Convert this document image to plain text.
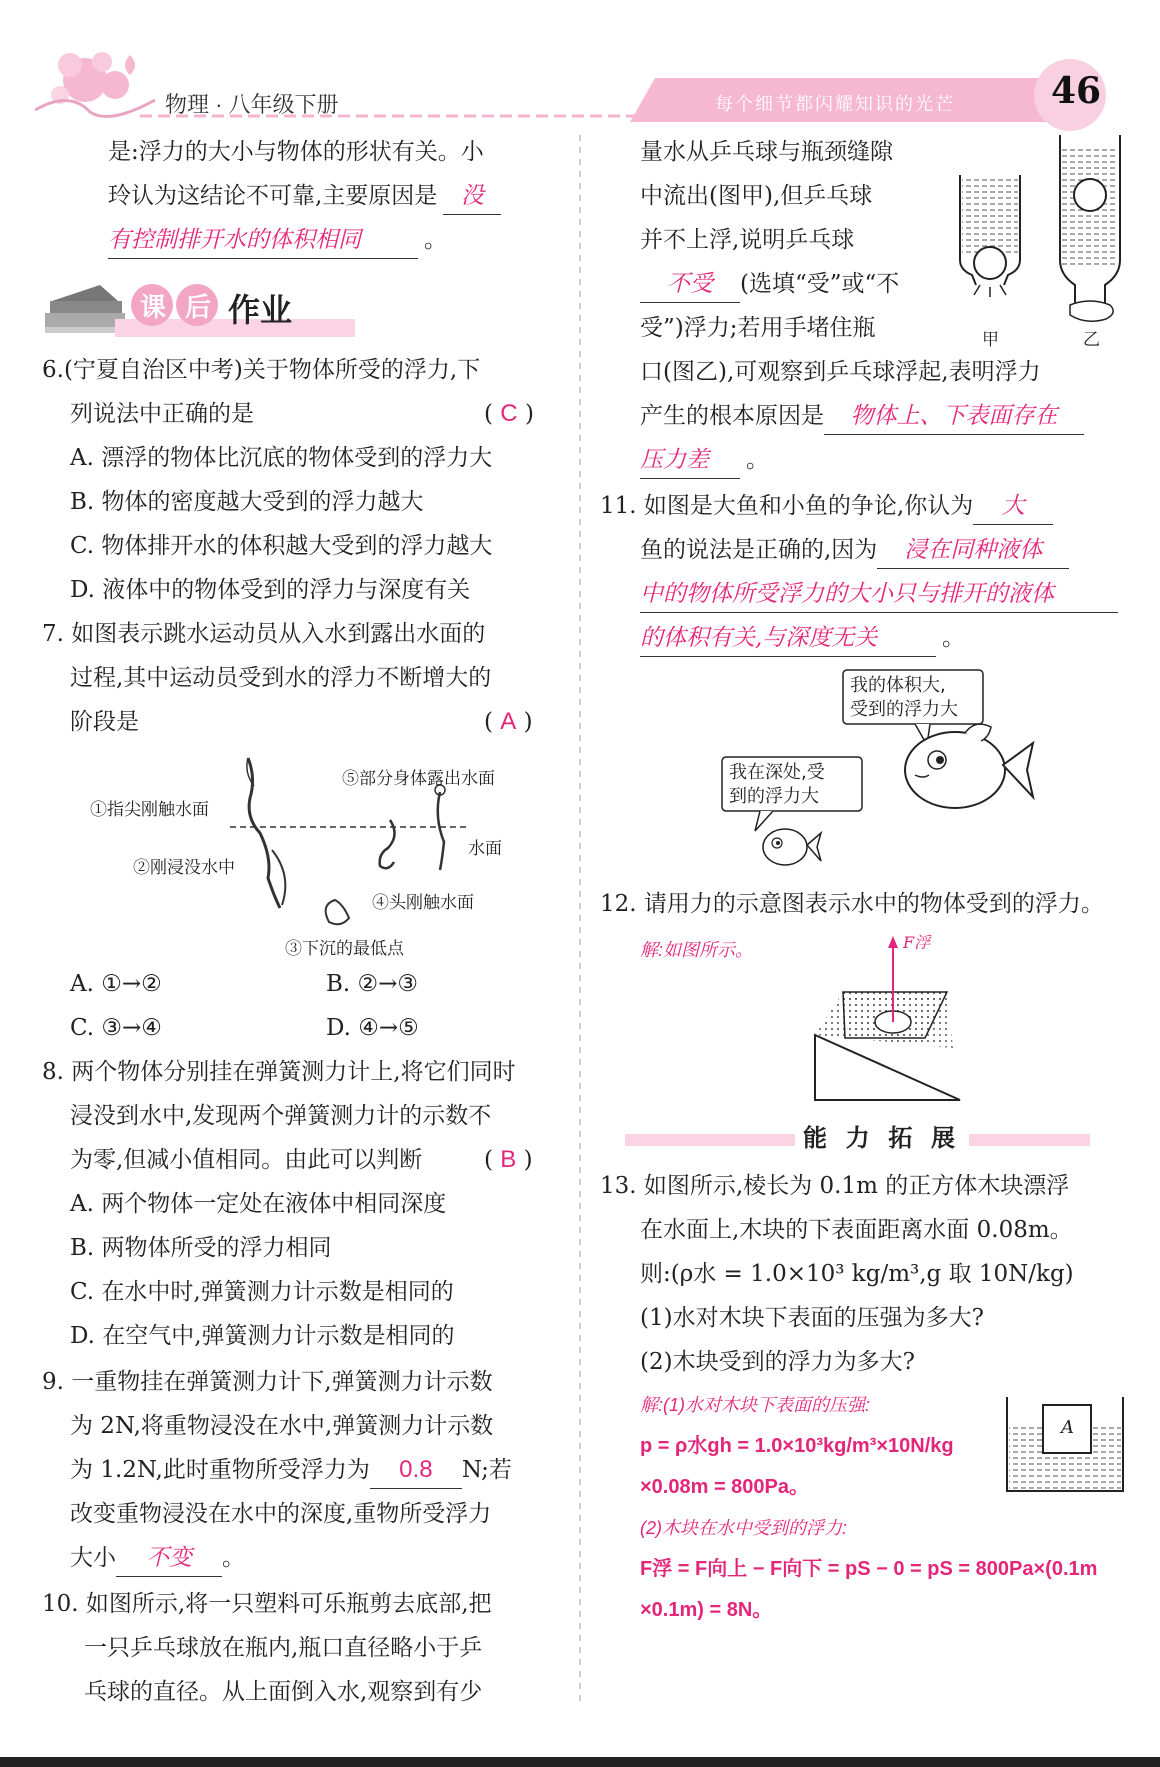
物理 · 八年级下册	每个细节都闪耀知识的光芒	46
是:浮力的大小与物体的形状有关。小
玲认为这结论不可靠,主要原因是 没
有控制排开水的体积相同	。
课 后 作业
6.(宁夏自治区中考)关于物体所受的浮力,下
列说法中正确的是	( C )
A. 漂浮的物体比沉底的物体受到的浮力大
B. 物体的密度越大受到的浮力越大
C. 物体排开水的体积越大受到的浮力越大
D. 液体中的物体受到的浮力与深度有关
7. 如图表示跳水运动员从入水到露出水面的
过程,其中运动员受到水的浮力不断增大的
阶段是	( A )
①指尖刚触水面
②刚浸没水中
③下沉的最低点
④头刚触水面
⑤部分身体露出水面
水面
A. ①→②	B. ②→③
C. ③→④	D. ④→⑤
8. 两个物体分别挂在弹簧测力计上,将它们同时
浸没到水中,发现两个弹簧测力计的示数不
为零,但减小值相同。由此可以判断	( B )
A. 两个物体一定处在液体中相同深度
B. 两物体所受的浮力相同
C. 在水中时,弹簧测力计示数是相同的
D. 在空气中,弹簧测力计示数是相同的
9. 一重物挂在弹簧测力计下,弹簧测力计示数
为 2N,将重物浸没在水中,弹簧测力计示数
为 1.2N,此时重物所受浮力为 0.8 N;若
改变重物浸没在水中的深度,重物所受浮力
大小 不变 。
10. 如图所示,将一只塑料可乐瓶剪去底部,把
一只乒乓球放在瓶内,瓶口直径略小于乒
乓球的直径。从上面倒入水,观察到有少
量水从乒乓球与瓶颈缝隙
中流出(图甲),但乒乓球
并不上浮,说明乒乓球
不受 (选填“受”或“不
受”)浮力;若用手堵住瓶	甲	乙
口(图乙),可观察到乒乓球浮起,表明浮力
产生的根本原因是 物体上、下表面存在
压力差 。
11. 如图是大鱼和小鱼的争论,你认为 大
鱼的说法是正确的,因为 浸在同种液体
中的物体所受浮力的大小只与排开的液体
的体积有关,与深度无关	。
我的体积大,
受到的浮力大
我在深处,受
到的浮力大
12. 请用力的示意图表示水中的物体受到的浮力。
解:如图所示。	F浮
能 力 拓 展
13. 如图所示,棱长为 0.1m 的正方体木块漂浮
在水面上,木块的下表面距离水面 0.08m。
则:(ρ水 = 1.0×10³ kg/m³,g 取 10N/kg)
(1)水对木块下表面的压强为多大?
(2)木块受到的浮力为多大?
解:(1)水对木块下表面的压强:
p = ρ水gh = 1.0×10³kg/m³×10N/kg
×0.08m = 800Pa。
(2)木块在水中受到的浮力:
F浮 = F向上 − F向下 = pS − 0 = pS = 800Pa×(0.1m
×0.1m) = 8N。
A
